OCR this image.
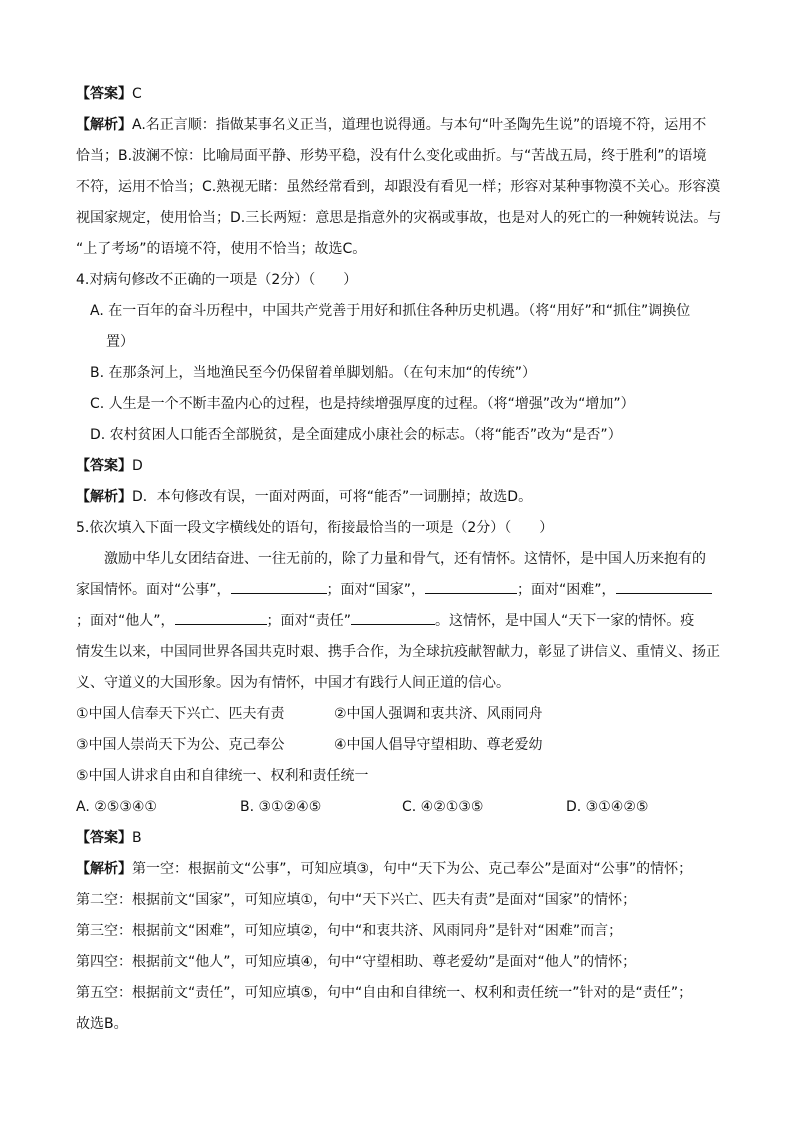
【答案】C
【解析】A.名正言顺：指做某事名义正当，道理也说得通。与本句“叶圣陶先生说”的语境不符，运用不
恰当；B.波澜不惊：比喻局面平静、形势平稳，没有什么变化或曲折。与“苦战五局，终于胜利”的语境
不符，运用不恰当；C.熟视无睹：虽然经常看到，却跟没有看见一样；形容对某种事物漠不关心。形容漠
视国家规定，使用恰当；D.三长两短：意思是指意外的灾祸或事故，也是对人的死亡的一种婉转说法。与
“上了考场”的语境不符，使用不恰当；故选C。
4.对病句修改不正确的一项是（2分）（　　）
A. 在一百年的奋斗历程中，中国共产党善于用好和抓住各种历史机遇。（将“用好”和“抓住”调换位
置）
B. 在那条河上，当地渔民至今仍保留着单脚划船。（在句末加“的传统”）
C. 人生是一个不断丰盈内心的过程，也是持续增强厚度的过程。（将“增强”改为“增加”）
D. 农村贫困人口能否全部脱贫，是全面建成小康社会的标志。（将“能否”改为“是否”）
【答案】D
【解析】D．本句修改有误，一面对两面，可将“能否”一词删掉；故选D。
5.依次填入下面一段文字横线处的语句，衔接最恰当的一项是（2分）（　　）
激励中华儿女团结奋进、一往无前的，除了力量和骨气，还有情怀。这情怀，是中国人历来抱有的
家国情怀。面对“公事”，	；面对“国家”，	；面对“困难”，
；面对“他人”，	；面对“责任”	。这情怀，是中国人“天下一家的情怀。疫
情发生以来，中国同世界各国共克时艰、携手合作，为全球抗疫献智献力，彰显了讲信义、重情义、扬正
义、守道义的大国形象。因为有情怀，中国才有践行人间正道的信心。
①中国人信奉天下兴亡、匹夫有责	②中国人强调和衷共济、风雨同舟
③中国人崇尚天下为公、克己奉公	④中国人倡导守望相助、尊老爱幼
⑤中国人讲求自由和自律统一、权利和责任统一
A. ②⑤③④①	B. ③①②④⑤	C. ④②①③⑤	D. ③①④②⑤
【答案】B
【解析】第一空：根据前文“公事”，可知应填③，句中“天下为公、克己奉公”是面对“公事”的情怀；
第二空：根据前文“国家”，可知应填①，句中“天下兴亡、匹夫有责”是面对“国家”的情怀；
第三空：根据前文“困难”，可知应填②，句中“和衷共济、风雨同舟”是针对“困难”而言；
第四空：根据前文“他人”，可知应填④，句中“守望相助、尊老爱幼”是面对“他人”的情怀；
第五空：根据前文“责任”，可知应填⑤，句中“自由和自律统一、权利和责任统一”针对的是“责任”；
故选B。
